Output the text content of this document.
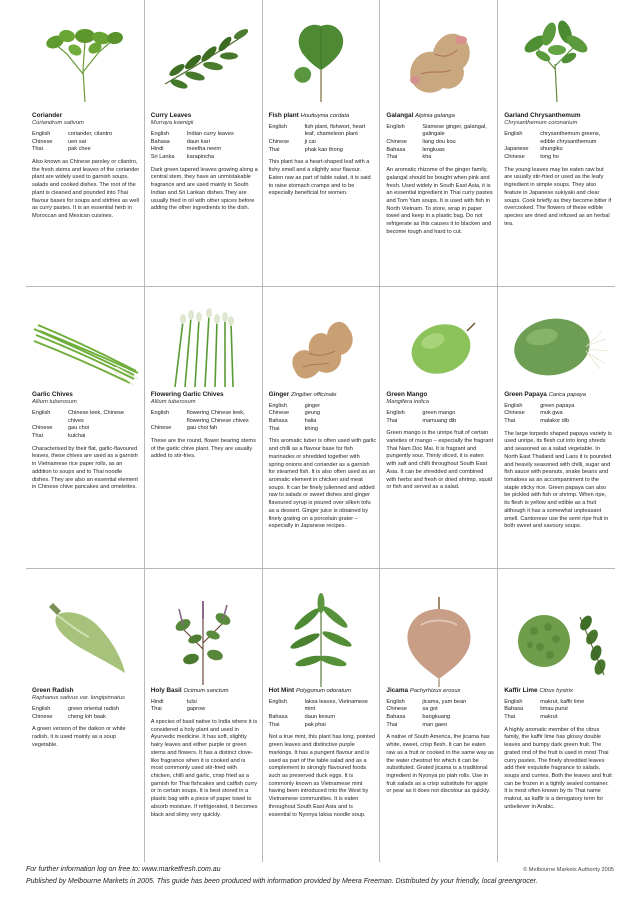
Coriander
Coriandrum sativum
English	coriander, cilantro
Chinese	uen sai
Thai	pak chee
Also known as Chinese parsley or cilantro, the fresh stems and leaves of the coriander plant are widely used to garnish soups, salads and cooked dishes. The root of the plant is cleaned and pounded into Thai flavour bases for soups and stirfries as well as curry pastes. It is an essential herb in Moroccan and Mexican cuisines.
Curry Leaves
Murraya koenigii
English	Indian curry leaves
Bahasa	daun kari
Hindi	meetha neem
Sri Lanka	karapincha
Dark green tapered leaves growing along a central stem, they have an unmistakable fragrance and are used mainly in South Indian and Sri Lankan dishes.They are usually fried in oil with other spices before adding the other ingredients to the dish.
Fish plant Houttuynia cordata
English	fish plant, fishwort, heart leaf, chameleon plant
Chinese	ji cai
Thai	phak kao thong
This plant has a heart-shaped leaf with a fishy smell and a slightly sour flavour. Eaten raw as part of table salad, it is said to raise stomach cramps and to be especially beneficial for women.
Galangal Alpinia galanga
English	Siamese ginger, galangal, galingale
Chinese	liang dou kou
Bahasa	lengkuas
Thai	kha
An aromatic rhizome of the ginger family, galangal should be bought when pink and fresh. Used widely in South East Asia, it is an essential ingredient in Thai curry pastes and Tom Yam soups. It is used with fish in North Vietnam. To store, wrap in paper towel and keep in a plastic bag. Do not refrigerate as this causes it to blacken and become tough and hard to cut.
Garland Chrysanthemum
Chrysanthemum coronarium
English	chrysanthemum greens, edible chrysanthemum
Japanese	shungiku
Chinese	tong ho
The young leaves may be eaten raw but are usually stir-fried or used as the leafy ingredient in simple soups. They also feature in Japanese sukiyaki and clear soups. Cook briefly as they become bitter if overcooked. The flowers of these edible species are dried and infused as an herbal tea.
Garlic Chives
Allium tuberosum
English	Chinese leek, Chinese chives
Chinese	gau choi
Thai	kuichai
Characterised by their flat, garlic-flavoured leaves, these chives are used as a garnish in Vietnamese rice paper rolls, as an addition to soups and to Thai noodle dishes. They are also an essential element in Chinese chive pancakes and omelettes.
Flowering Garlic Chives
Allium tuberosum
English	flowering Chinese leek, flowering Chinese chives
Chinese	gau choi fah
These are the round, flower bearing stems of the garlic chive plant. They are usually added to stir-fries.
Ginger Zingiber officinale
English	ginger
Chinese	geung
Bahasa	halia
Thai	khing
This aromatic tuber is often used with garlic and chilli as a flavour base for fish marinades or shredded together with spring onions and coriander as a garnish for steamed fish. It is also often used as an aromatic element in chicken and meat soups. It can be finely julienned and added raw to salads or sweet dishes and ginger flavoured syrup is poured over silken tofu as a dessert. Ginger juice is obtained by finely grating on a porcelain grater – especially in Japanese recipes.
Green Mango
Mangifera indica
English	green mango
Thai	mamuang dib
Green mango is the unripe fruit of certain varieties of mango – especially the fragrant Thai Nam Doc Mai. It is fragrant and pungently sour. Thinly sliced, it is eaten with salt and chilli throughout South East Asia. It can be shredded and combined with herbs and fresh or dried shrimp, squid or fish and served as a salad.
Green Papaya Carica papaya
English	green papaya
Chinese	muk gwa
Thai	malakor dib
The large torpedo shaped papaya variety is used unripe, its flesh cut into long shreds and seasoned as a salad vegetable. In North East Thailand and Laos it is pounded and heavily seasoned with chilli, sugar and fish sauce with peanuts, snake beans and tomatoes as an accompaniment to the staple sticky rice. Green papaya can also be pickled with fish or shrimp. When ripe, its flesh is yellow and edible as a fruit although it has a somewhat unpleasant smell. Cantonese use the semi ripe fruit in both sweet and savoury soups.
Green Radish
Raphanus sativus var. longipinnatus
English	green oriental radish
Chinese	cheng loh baak
A green version of the daikon or white radish, it is used mainly as a soup vegetable.
Holy Basil Ocimum sanctum
Hindi	tulsi
Thai	gaprow
A species of basil native to India where it is considered a holy plant and used in Ayurvedic medicine. It has soft, slightly hairy leaves and either purple or green stems and flowers. It has a distinct clove-like fragrance when it is cooked and is most commonly used stir-fried with chicken, chilli and garlic, crisp fried as a garnish for Thai fishcakes and catfish curry or in certain soups. It is best stored in a plastic bag with a piece of paper towel to absorb moisture. If refrigerated, it becomes black and slimy very quickly.
Hot Mint Polygonum odoratum
English	laksa leaves, Vietnamese mint
Bahasa	daun kesum
Thai	pak phai
Not a true mint, this plant has long, pointed green leaves and distinctive purple markings. It has a pungent flavour and is used as part of the table salad and as a complement to strongly flavoured foods such as preserved duck eggs. It is commonly known as Vietnamese mint having been introduced into the West by Vietnamese communities. It is eaten throughout South East Asia and is essential to Nyonya laksa noodle soup.
Jicama Pachyrhizus erosus
English	jicama, yam bean
Chinese	sa got
Bahasa	bangkuang
Thai	man gaeo
A native of South America, the jicama has white, sweet, crisp flesh. It can be eaten raw as a fruit or cooked in the same way as the water chestnut for which it can be substituted. Grated jicama is a traditional ingredient in Nyonya po piah rolls. Use in fruit salads as a crisp substitute for apple or pear as it does not discolour as quickly.
Kaffir Lime Citrus hystrix
English	makrut, kaffir lime
Bahasa	limau purut
Thai	makrut
A highly aromatic member of the citrus family, the kaffir lime has glossy double leaves and bumpy dark green fruit. The grated rind of the fruit is used in most Thai curry pastes. The finely shredded leaves add their exquisite fragrance to salads, soups and curries. Both the leaves and fruit can be frozen in a tightly sealed container. It is most often known by its Thai name makrut, as kaffir is a derogatory term for unbeliever in Arabic.
For further information log on free to: www.marketfresh.com.au	© Melbourne Markets Authority 2005
Published by Melbourne Markets in 2005. This guide has been produced with information provided by Meera Freeman. Distributed by your friendly, local greengrocer.
